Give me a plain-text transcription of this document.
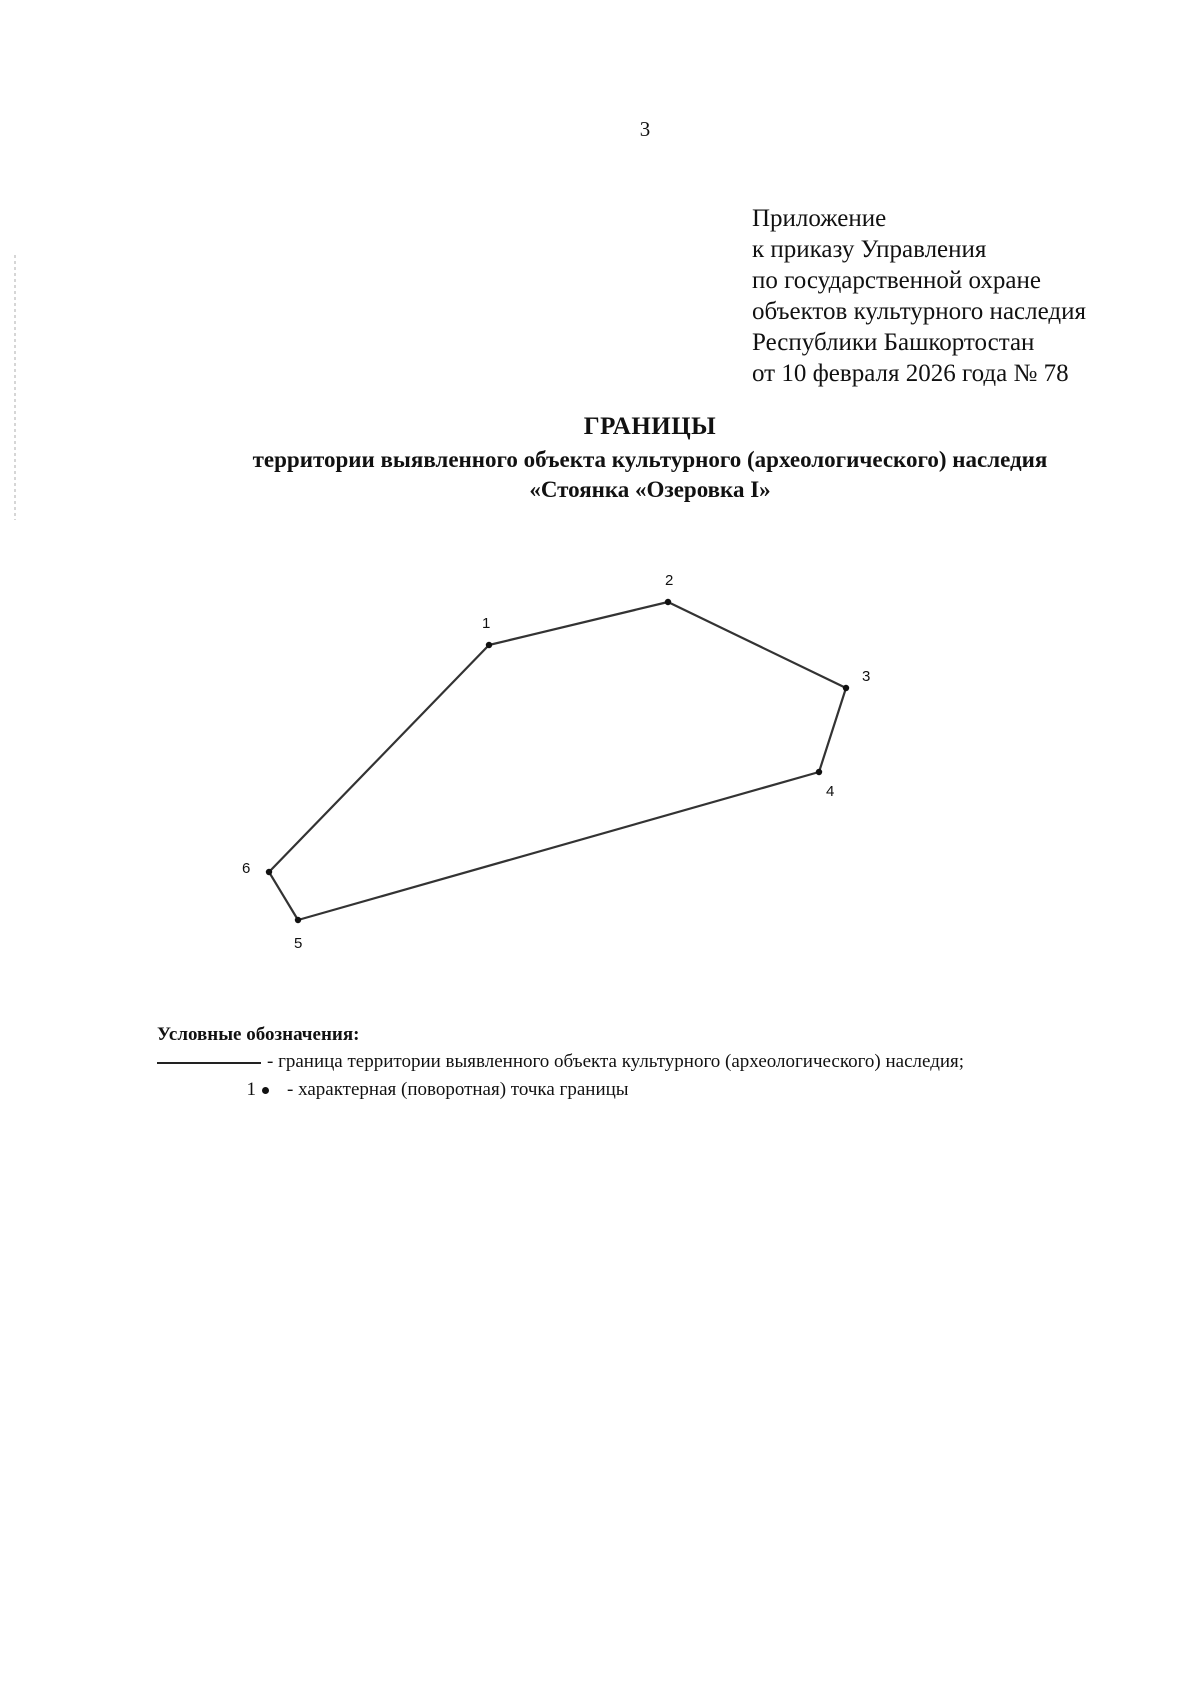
3
Приложение
к приказу Управления
по государственной охране
объектов культурного наследия
Республики Башкортостан
от 10 февраля 2026 года № 78
ГРАНИЦЫ
территории выявленного объекта культурного (археологического) наследия
«Стоянка «Озеровка I»
1
2
3
4
5
6
Условные обозначения:
- граница территории выявленного объекта культурного (археологического) наследия;
1 - характерная (поворотная) точка границы
